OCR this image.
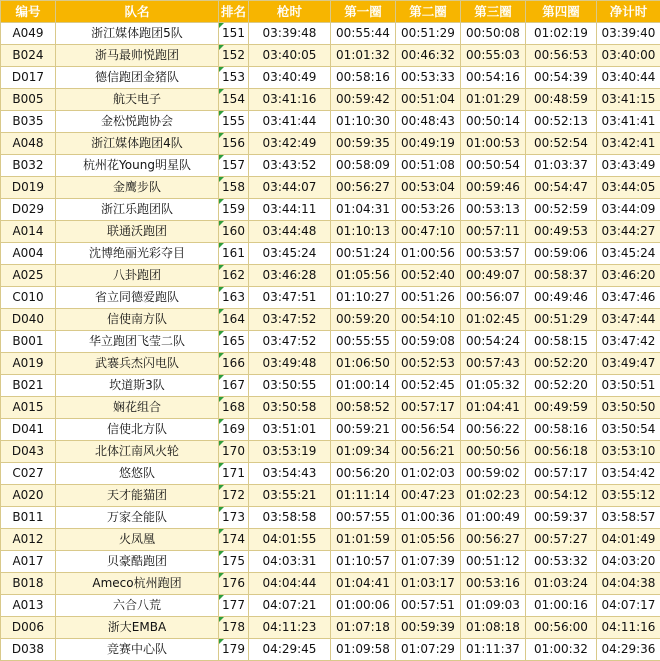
编号	队名	排名	枪时	第一圈	第二圈	第三圈	第四圈	净计时
A049	浙江媒体跑团5队	151	03:39:48	00:55:44	00:51:29	00:50:08	01:02:19	03:39:40
B024	浙马最帅悦跑团	152	03:40:05	01:01:32	00:46:32	00:55:03	00:56:53	03:40:00
D017	德信跑团金猪队	153	03:40:49	00:58:16	00:53:33	00:54:16	00:54:39	03:40:44
B005	航天电子	154	03:41:16	00:59:42	00:51:04	01:01:29	00:48:59	03:41:15
B035	金松悦跑协会	155	03:41:44	01:10:30	00:48:43	00:50:14	00:52:13	03:41:41
A048	浙江媒体跑团4队	156	03:42:49	00:59:35	00:49:19	01:00:53	00:52:54	03:42:41
B032	杭州花Young明星队	157	03:43:52	00:58:09	00:51:08	00:50:54	01:03:37	03:43:49
D019	金鹰步队	158	03:44:07	00:56:27	00:53:04	00:59:46	00:54:47	03:44:05
D029	浙江乐跑团队	159	03:44:11	01:04:31	00:53:26	00:53:13	00:52:59	03:44:09
A014	联通沃跑团	160	03:44:48	01:10:13	00:47:10	00:57:11	00:49:53	03:44:27
A004	沈博绝丽光彩夺目	161	03:45:24	00:51:24	01:00:56	00:53:57	00:59:06	03:45:24
A025	八卦跑团	162	03:46:28	01:05:56	00:52:40	00:49:07	00:58:37	03:46:20
C010	省立同德爱跑队	163	03:47:51	01:10:27	00:51:26	00:56:07	00:49:46	03:47:46
D040	信使南方队	164	03:47:52	00:59:20	00:54:10	01:02:45	00:51:29	03:47:44
B001	华立跑团飞莹二队	165	03:47:52	00:55:55	00:59:08	00:54:24	00:58:15	03:47:42
A019	武褰兵杰闪电队	166	03:49:48	01:06:50	00:52:53	00:57:43	00:52:20	03:49:47
B021	坎道斯3队	167	03:50:55	01:00:14	00:52:45	01:05:32	00:52:20	03:50:51
A015	娴花组合	168	03:50:58	00:58:52	00:57:17	01:04:41	00:49:59	03:50:50
D041	信使北方队	169	03:51:01	00:59:21	00:56:54	00:56:22	00:58:16	03:50:54
D043	北体江南风火轮	170	03:53:19	01:09:34	00:56:21	00:50:56	00:56:18	03:53:10
C027	悠悠队	171	03:54:43	00:56:20	01:02:03	00:59:02	00:57:17	03:54:42
A020	天才能猫团	172	03:55:21	01:11:14	00:47:23	01:02:23	00:54:12	03:55:12
B011	万家全能队	173	03:58:58	00:57:55	01:00:36	01:00:49	00:59:37	03:58:57
A012	火凤凰	174	04:01:55	01:01:59	01:05:56	00:56:27	00:57:27	04:01:49
A017	贝豪酷跑团	175	04:03:31	01:10:57	01:07:39	00:51:12	00:53:32	04:03:20
B018	Ameco杭州跑团	176	04:04:44	01:04:41	01:03:17	00:53:16	01:03:24	04:04:38
A013	六合八荒	177	04:07:21	01:00:06	00:57:51	01:09:03	01:00:16	04:07:17
D006	浙大EMBA	178	04:11:23	01:07:18	00:59:39	01:08:18	00:56:00	04:11:16
D038	竞赛中心队	179	04:29:45	01:09:58	01:07:29	01:11:37	01:00:32	04:29:36
